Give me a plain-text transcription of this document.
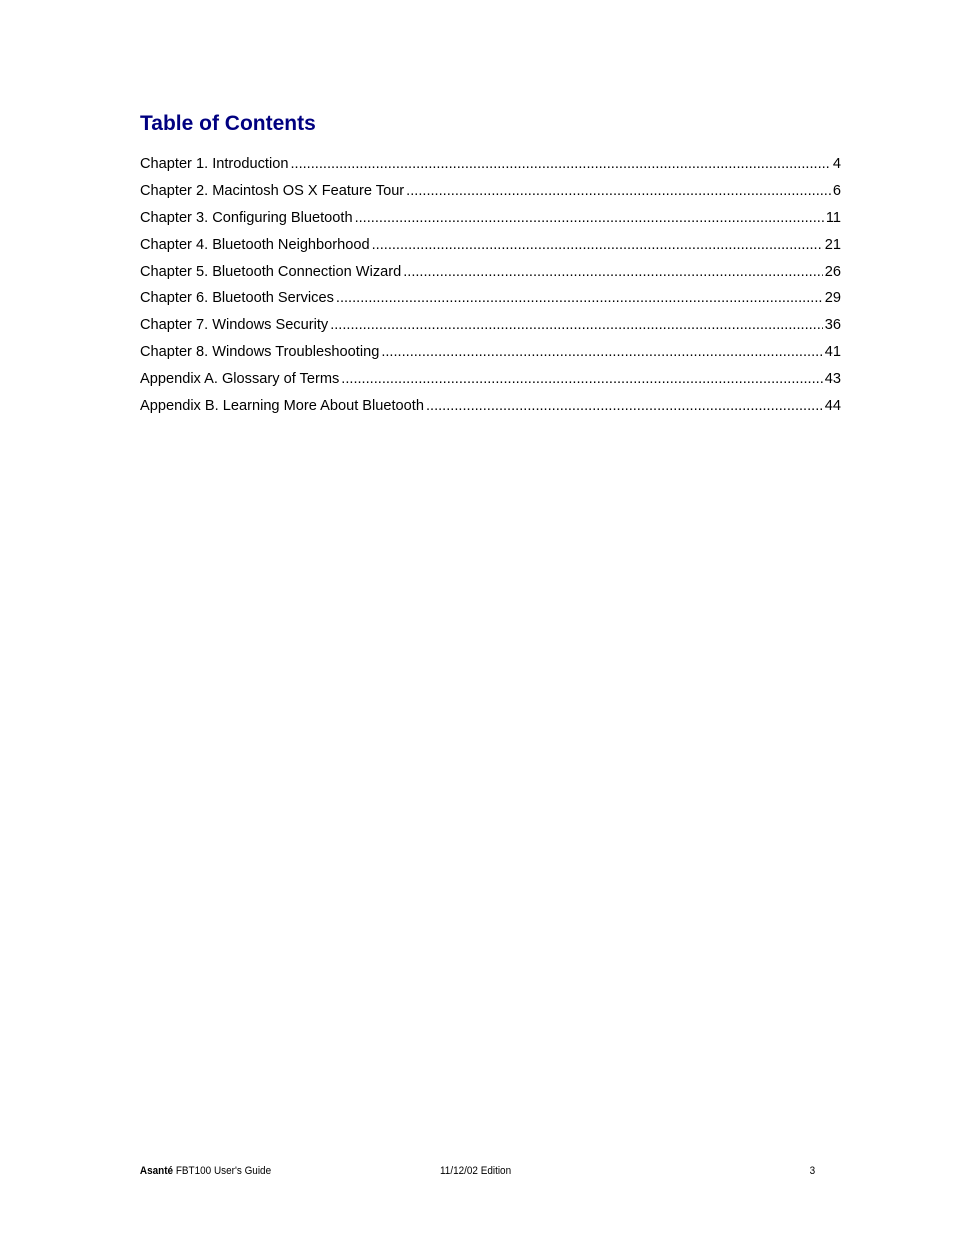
Table of Contents
Chapter 1. Introduction .....	4
Chapter 2. Macintosh OS X Feature Tour .....	6
Chapter 3. Configuring Bluetooth .....	11
Chapter 4. Bluetooth Neighborhood .....	21
Chapter 5. Bluetooth Connection Wizard .....	26
Chapter 6. Bluetooth Services .....	29
Chapter 7. Windows Security .....	36
Chapter 8. Windows Troubleshooting .....	41
Appendix A. Glossary of Terms .....	43
Appendix B. Learning More About Bluetooth .....	44
Asanté FBT100 User's Guide	11/12/02 Edition	3
